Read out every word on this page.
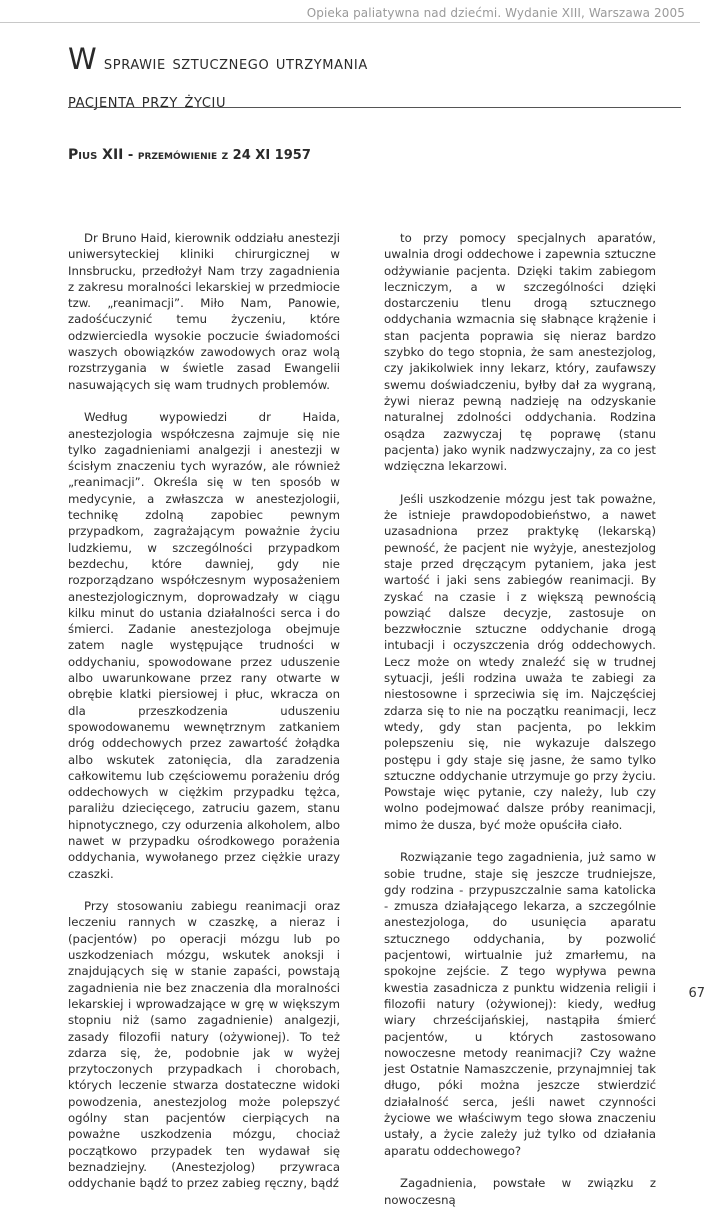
Opieka paliatywna nad dziećmi. Wydanie XIII, Warszawa 2005
W sprawie sztucznego utrzymania
pacjenta przy życiu
Pius XII - przemówienie z 24 XI 1957

Dr Bruno Haid, kierownik oddziału anestezji uniwersyteckiej kliniki chirurgicznej w Innsbrucku, przedłożył Nam trzy zagadnienia z zakresu moralności lekarskiej w przedmiocie tzw. „reanimacji”. Miło Nam, Panowie, zadośćuczynić temu życzeniu, które odzwierciedla wysokie poczucie świadomości waszych obowiązków zawodowych oraz wolą rozstrzygania w świetle zasad Ewangelii nasuwających się wam trudnych problemów.

Według wypowiedzi dr Haida, anestezjologia współczesna zajmuje się nie tylko zagadnieniami analgezji i anestezji w ścisłym znaczeniu tych wyrazów, ale również „reanimacji”. Określa się w ten sposób w medycynie, a zwłaszcza w anestezjologii, technikę zdolną zapobiec pewnym przypadkom, zagrażającym poważnie życiu ludzkiemu, w szczególności przypadkom bezdechu, które dawniej, gdy nie rozporządzano współczesnym wyposażeniem anestezjologicznym, doprowadzały w ciągu kilku minut do ustania działalności serca i do śmierci. Zadanie anestezjologa obejmuje zatem nagle występujące trudności w oddychaniu, spowodowane przez uduszenie albo uwarunkowane przez rany otwarte w obrębie klatki piersiowej i płuc, wkracza on dla przeszkodzenia uduszeniu spowodowanemu wewnętrznym zatkaniem dróg oddechowych przez zawartość żołądka albo wskutek zatonięcia, dla zaradzenia całkowitemu lub częściowemu porażeniu dróg oddechowych w ciężkim przypadku tężca, paraliżu dziecięcego, zatruciu gazem, stanu hipnotycznego, czy odurzenia alkoholem, albo nawet w przypadku ośrodkowego porażenia oddychania, wywołanego przez ciężkie urazy czaszki.

Przy stosowaniu zabiegu reanimacji oraz leczeniu rannych w czaszkę, a nieraz i (pacjentów) po operacji mózgu lub po uszkodzeniach mózgu, wskutek anoksji i znajdujących się w stanie zapaści, powstają zagadnienia nie bez znaczenia dla moralności lekarskiej i wprowadzające w grę w większym stopniu niż (samo zagadnienie) analgezji, zasady filozofii natury (ożywionej). To też zdarza się, że, podobnie jak w wyżej przytoczonych przypadkach i chorobach, których leczenie stwarza dostateczne widoki powodzenia, anestezjolog może polepszyć ogólny stan pacjentów cierpiących na poważne uszkodzenia mózgu, chociaż początkowo przypadek ten wydawał się beznadziejny. (Anestezjolog) przywraca oddychanie bądź to przez zabieg ręczny, bądź

to przy pomocy specjalnych aparatów, uwalnia drogi oddechowe i zapewnia sztuczne odżywianie pacjenta. Dzięki takim zabiegom leczniczym, a w szczególności dzięki dostarczeniu tlenu drogą sztucznego oddychania wzmacnia się słabnące krążenie i stan pacjenta poprawia się nieraz bardzo szybko do tego stopnia, że sam anestezjolog, czy jakikolwiek inny lekarz, który, zaufawszy swemu doświadczeniu, byłby dał za wygraną, żywi nieraz pewną nadzieję na odzyskanie naturalnej zdolności oddychania. Rodzina osądza zazwyczaj tę poprawę (stanu pacjenta) jako wynik nadzwyczajny, za co jest wdzięczna lekarzowi.

Jeśli uszkodzenie mózgu jest tak poważne, że istnieje prawdopodobieństwo, a nawet uzasadniona przez praktykę (lekarską) pewność, że pacjent nie wyżyje, anestezjolog staje przed dręczącym pytaniem, jaka jest wartość i jaki sens zabiegów reanimacji. By zyskać na czasie i z większą pewnością powziąć dalsze decyzje, zastosuje on bezzwłocznie sztuczne oddychanie drogą intubacji i oczyszczenia dróg oddechowych. Lecz może on wtedy znaleźć się w trudnej sytuacji, jeśli rodzina uważa te zabiegi za niestosowne i sprzeciwia się im. Najczęściej zdarza się to nie na początku reanimacji, lecz wtedy, gdy stan pacjenta, po lekkim polepszeniu się, nie wykazuje dalszego postępu i gdy staje się jasne, że samo tylko sztuczne oddychanie utrzymuje go przy życiu. Powstaje więc pytanie, czy należy, lub czy wolno podejmować dalsze próby reanimacji, mimo że dusza, być może opuściła ciało.

Rozwiązanie tego zagadnienia, już samo w sobie trudne, staje się jeszcze trudniejsze, gdy rodzina - przypuszczalnie sama katolicka - zmusza działającego lekarza, a szczególnie anestezjologa, do usunięcia aparatu sztucznego oddychania, by pozwolić pacjentowi, wirtualnie już zmarłemu, na spokojne zejście. Z tego wypływa pewna kwestia zasadnicza z punktu widzenia religii i filozofii natury (ożywionej): kiedy, według wiary chrześcijańskiej, nastąpiła śmierć pacjentów, u których zastosowano nowoczesne metody reanimacji? Czy ważne jest Ostatnie Namaszczenie, przynajmniej tak długo, póki można jeszcze stwierdzić działalność serca, jeśli nawet czynności życiowe we właściwym tego słowa znaczeniu ustały, a życie zależy już tylko od działania aparatu oddechowego?

Zagadnienia, powstałe w związku z nowoczesną

67
